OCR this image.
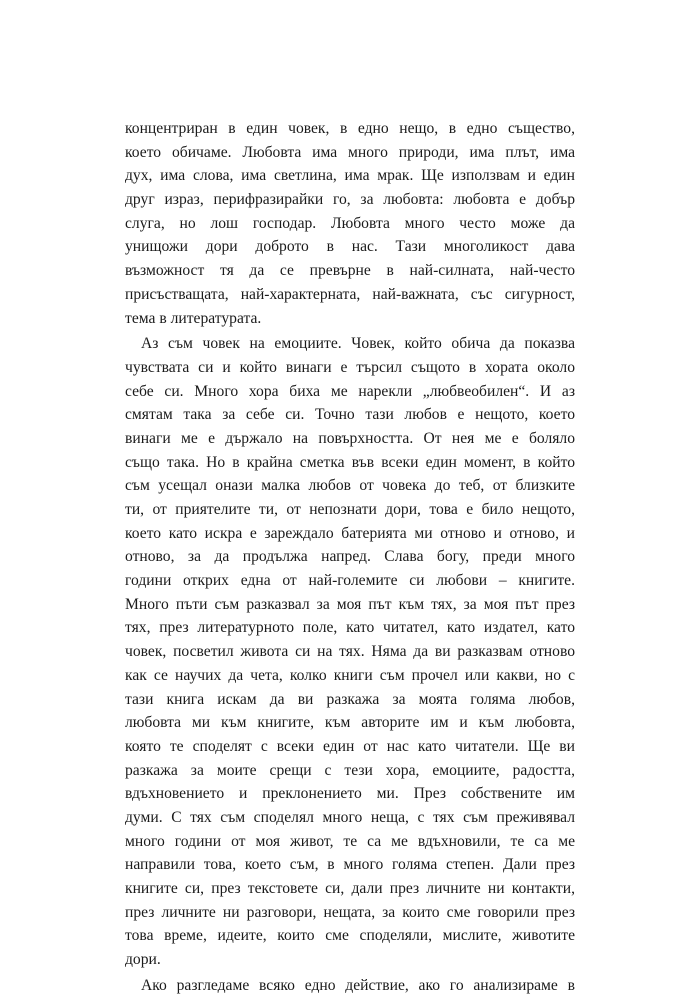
концентриран в един човек, в едно нещо, в едно същество,
което обичаме. Любовта има много природи, има плът, има
дух, има слова, има светлина, има мрак. Ще използвам и един
друг израз, перифразирайки го, за любовта: любовта е добър
слуга, но лош господар. Любовта много често може да
унищожи дори доброто в нас. Тази многоликост дава
възможност тя да се превърне в най-силната, най-често
присъстващата, най-характерната, най-важната, със сигурност,
тема в литературата.
Аз съм човек на емоциите. Човек, който обича да показва
чувствата си и който винаги е търсил същото в хората около
себе си. Много хора биха ме нарекли „любвеобилен“. И аз
смятам така за себе си. Точно тази любов е нещото, което
винаги ме е държало на повърхността. От нея ме е боляло
също така. Но в крайна сметка във всеки един момент, в който
съм усещал онази малка любов от човека до теб, от близките
ти, от приятелите ти, от непознати дори, това е било нещото,
което като искра е зареждало батерията ми отново и отново, и
отново, за да продължа напред. Слава богу, преди много
години открих една от най-големите си любови – книгите.
Много пъти съм разказвал за моя път към тях, за моя път през
тях, през литературното поле, като читател, като издател, като
човек, посветил живота си на тях. Няма да ви разказвам отново
как се научих да чета, колко книги съм прочел или какви, но с
тази книга искам да ви разкажа за моята голяма любов,
любовта ми към книгите, към авторите им и към любовта,
която те споделят с всеки един от нас като читатели. Ще ви
разкажа за моите срещи с тези хора, емоциите, радостта,
вдъхновението и преклонението ми. През собствените им
думи. С тях съм споделял много неща, с тях съм преживявал
много години от моя живот, те са ме вдъхновили, те са ме
направили това, което съм, в много голяма степен. Дали през
книгите си, през текстовете си, дали през личните ни контакти,
през личните ни разговори, нещата, за които сме говорили през
това време, идеите, които сме споделяли, мислите, животите
дори.
Ако разгледаме всяко едно действие, ако го анализираме в
